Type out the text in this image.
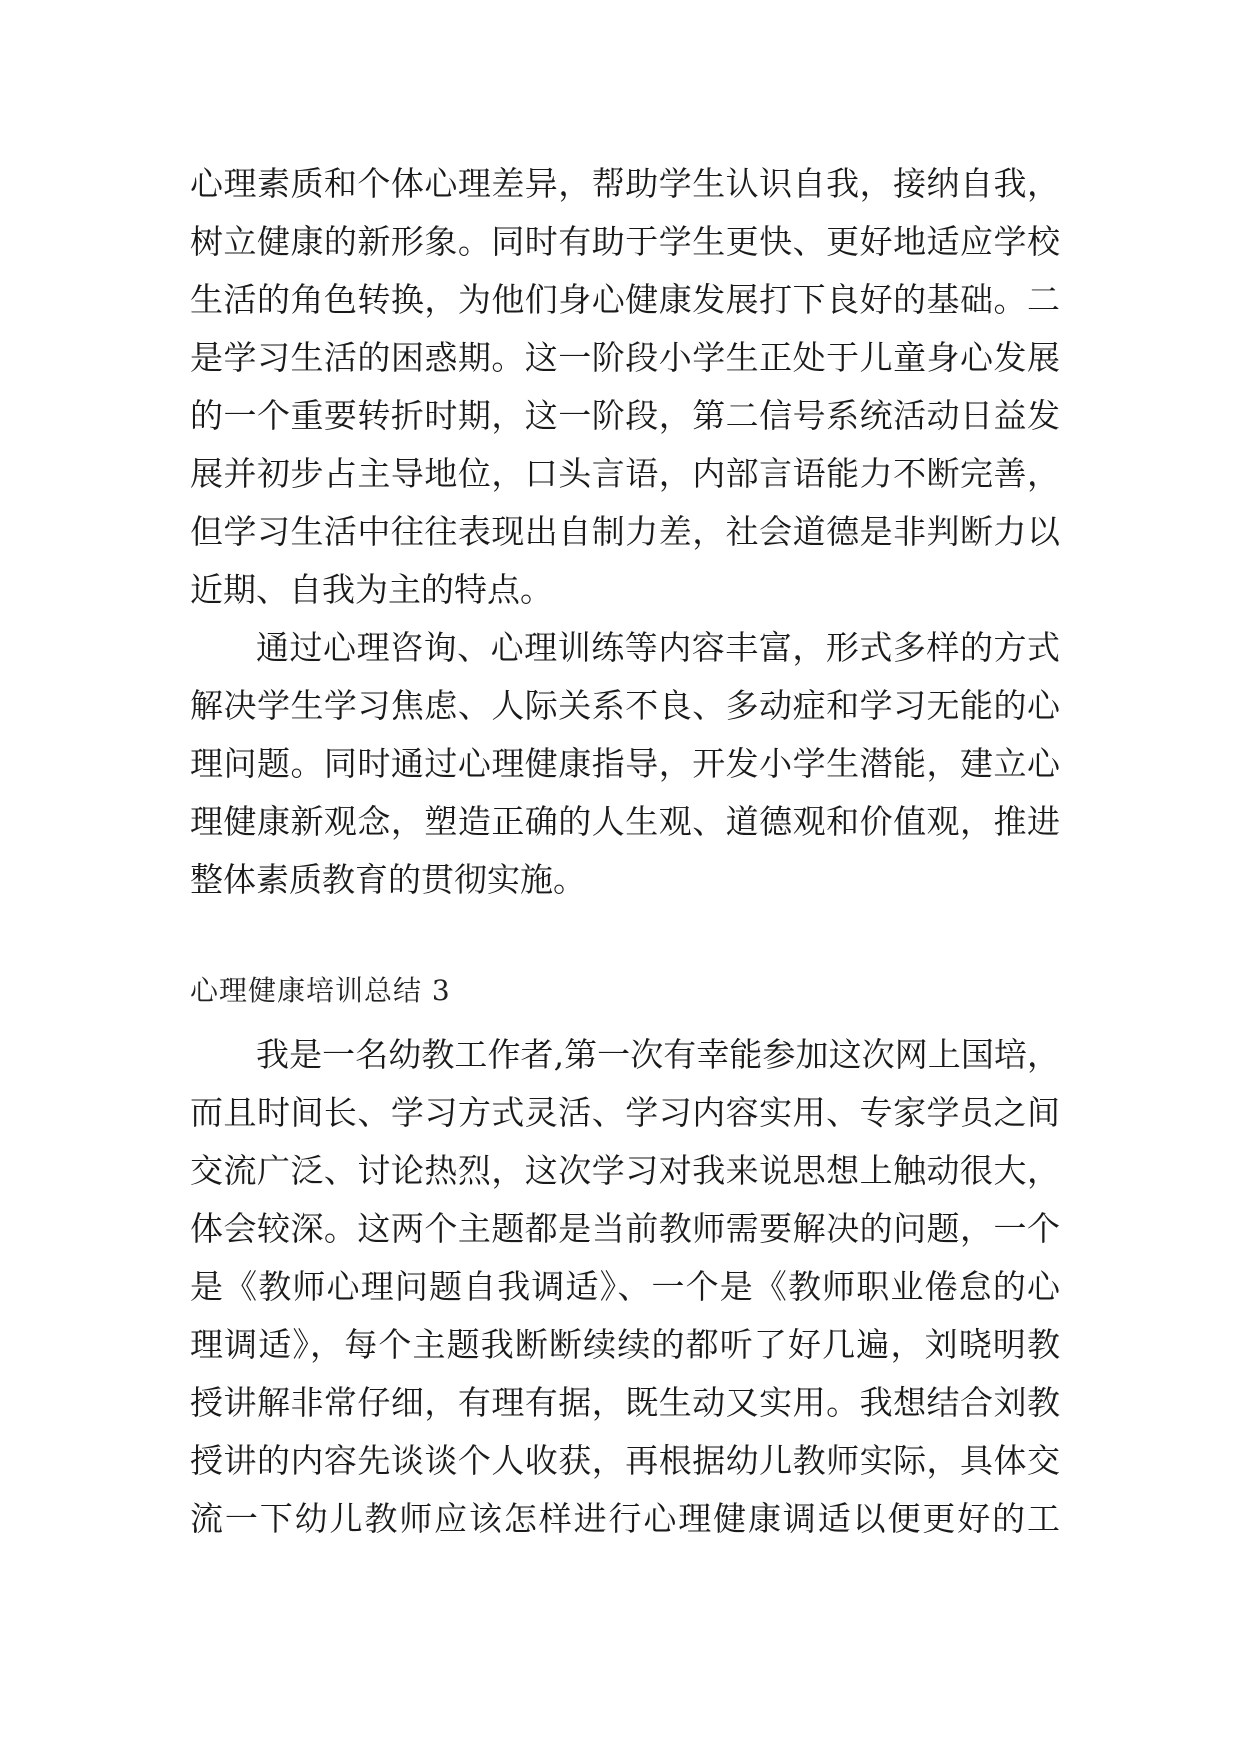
心理素质和个体心理差异，帮助学生认识自我，接纳自我，
树立健康的新形象。同时有助于学生更快、更好地适应学校
生活的角色转换，为他们身心健康发展打下良好的基础。二
是学习生活的困惑期。这一阶段小学生正处于儿童身心发展
的一个重要转折时期，这一阶段，第二信号系统活动日益发
展并初步占主导地位，口头言语，内部言语能力不断完善，
但学习生活中往往表现出自制力差，社会道德是非判断力以
近期、自我为主的特点。
通过心理咨询、心理训练等内容丰富，形式多样的方式
解决学生学习焦虑、人际关系不良、多动症和学习无能的心
理问题。同时通过心理健康指导，开发小学生潜能，建立心
理健康新观念，塑造正确的人生观、道德观和价值观，推进
整体素质教育的贯彻实施。
心理健康培训总结 3
我是一名幼教工作者,第一次有幸能参加这次网上国培，
而且时间长、学习方式灵活、学习内容实用、专家学员之间
交流广泛、讨论热烈，这次学习对我来说思想上触动很大，
体会较深。这两个主题都是当前教师需要解决的问题，一个
是《教师心理问题自我调适》、一个是《教师职业倦怠的心
理调适》，每个主题我断断续续的都听了好几遍，刘晓明教
授讲解非常仔细，有理有据，既生动又实用。我想结合刘教
授讲的内容先谈谈个人收获，再根据幼儿教师实际，具体交
流一下幼儿教师应该怎样进行心理健康调适以便更好的工
